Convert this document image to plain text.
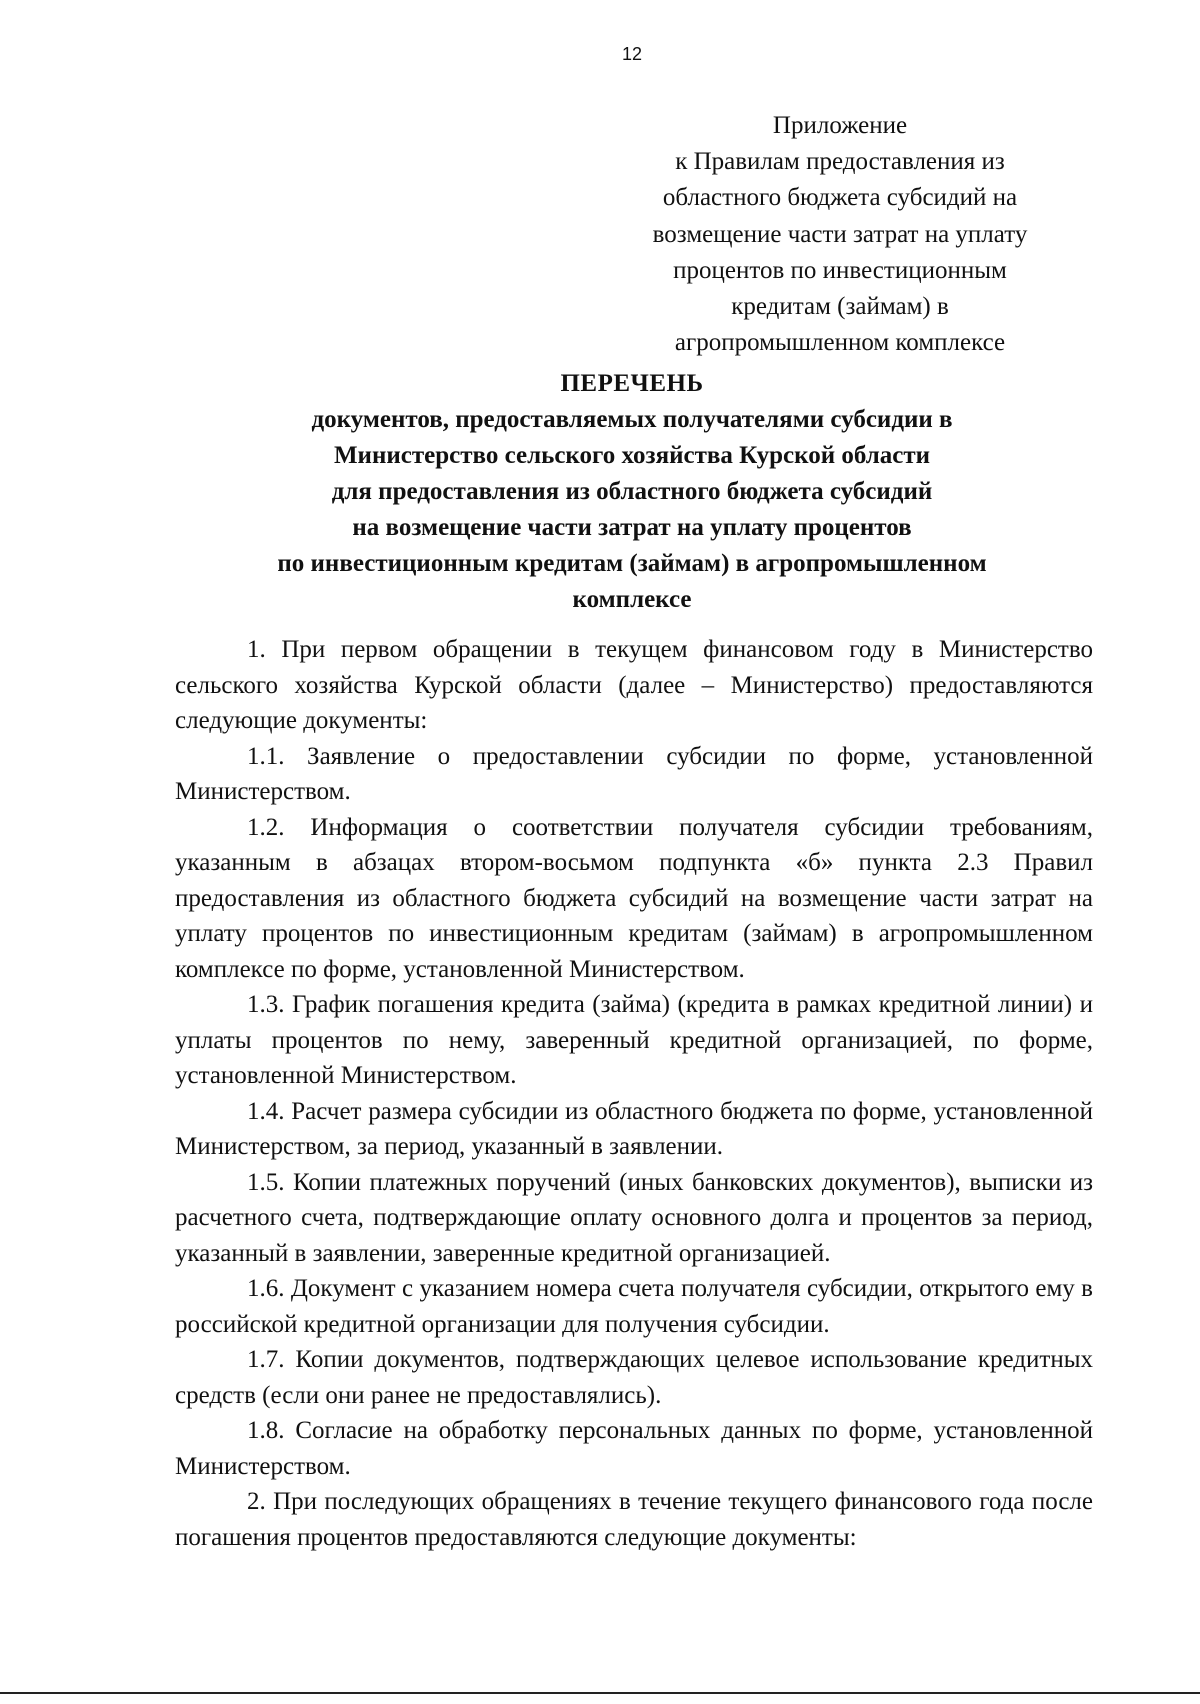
12
Приложение
к Правилам предоставления из
областного бюджета субсидий на
возмещение части затрат на уплату
процентов по инвестиционным
кредитам (займам) в
агропромышленном комплексе
ПЕРЕЧЕНЬ
документов, предоставляемых получателями субсидии в
Министерство сельского хозяйства Курской области
для предоставления из областного бюджета субсидий
на возмещение части затрат на уплату процентов
по инвестиционным кредитам (займам) в агропромышленном
комплексе

1. При первом обращении в текущем финансовом году в Министерство сельского хозяйства Курской области (далее – Министерство) предоставляются следующие документы:

1.1. Заявление о предоставлении субсидии по форме, установленной Министерством.

1.2. Информация о соответствии получателя субсидии требованиям, указанным в абзацах втором-восьмом подпункта «б» пункта 2.3 Правил предоставления из областного бюджета субсидий на возмещение части затрат на уплату процентов по инвестиционным кредитам (займам) в агропромышленном комплексе по форме, установленной Министерством.

1.3. График погашения кредита (займа) (кредита в рамках кредитной линии) и уплаты процентов по нему, заверенный кредитной организацией, по форме, установленной Министерством.

1.4. Расчет размера субсидии из областного бюджета по форме, установленной Министерством, за период, указанный в заявлении.

1.5. Копии платежных поручений (иных банковских документов), выписки из расчетного счета, подтверждающие оплату основного долга и процентов за период, указанный в заявлении, заверенные кредитной организацией.

1.6. Документ с указанием номера счета получателя субсидии, открытого ему в российской кредитной организации для получения субсидии.

1.7. Копии документов, подтверждающих целевое использование кредитных средств (если они ранее не предоставлялись).

1.8. Согласие на обработку персональных данных по форме, установленной Министерством.

2. При последующих обращениях в течение текущего финансового года после погашения процентов предоставляются следующие документы:
